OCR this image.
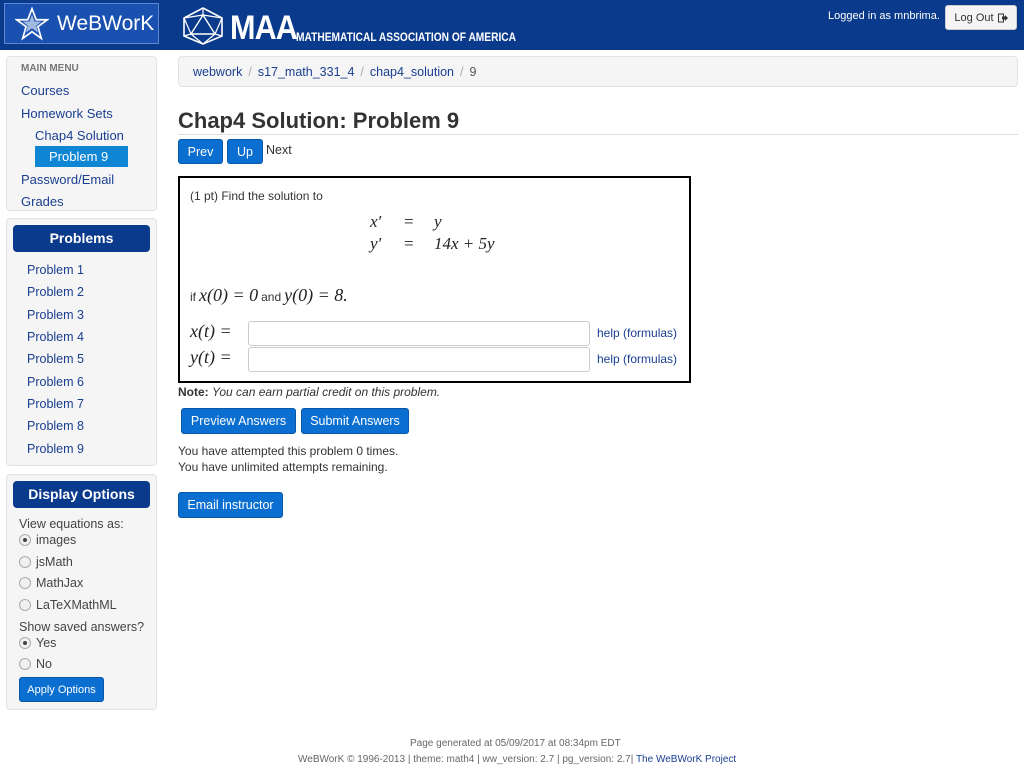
WeBWorK MAA MATHEMATICAL ASSOCIATION OF AMERICA
Logged in as mnbrima. Log Out
MAIN MENU
Courses
Homework Sets
Chap4 Solution
Problem 9
Password/Email
Grades
Problems
Problem 1
Problem 2
Problem 3
Problem 4
Problem 5
Problem 6
Problem 7
Problem 8
Problem 9
Display Options
View equations as:
images
jsMath
MathJax
LaTeXMathML
Show saved answers?
Yes
No
Apply Options
webwork / s17_math_331_4 / chap4_solution / 9
Chap4 Solution: Problem 9
Prev	Up	Next
(1 pt) Find the solution to
x′	=	y
y′	=	14x + 5y
if x(0) = 0 and y(0) = 8.
x(t) =	help (formulas)
y(t) =	help (formulas)
Note: You can earn partial credit on this problem.
Preview Answers	Submit Answers
You have attempted this problem 0 times.
You have unlimited attempts remaining.
Email instructor
Page generated at 05/09/2017 at 08:34pm EDT
WeBWorK © 1996-2013 | theme: math4 | ww_version: 2.7 | pg_version: 2.7| The WeBWorK Project
